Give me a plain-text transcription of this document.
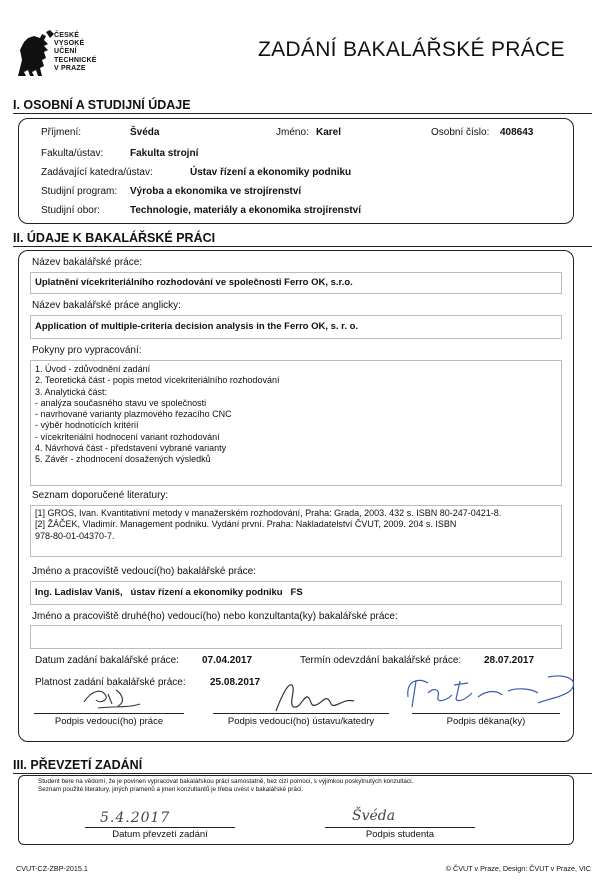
ČESKÉ
VYSOKÉ
UČENÍ
TECHNICKÉ
V PRAZE
ZADÁNÍ BAKALÁŘSKÉ PRÁCE
I. OSOBNÍ A STUDIJNÍ ÚDAJE
Příjmení:	Švéda	Jméno: Karel	Osobní číslo: 408643
Fakulta/ústav:	Fakulta strojní
Zadávající katedra/ústav:	Ústav řízení a ekonomiky podniku
Studijní program: Výroba a ekonomika ve strojírenství
Studijní obor:	Technologie, materiály a ekonomika strojírenství
II. ÚDAJE K BAKALÁŘSKÉ PRÁCI
Název bakalářské práce:
Uplatnění vícekriteriálního rozhodování ve společnosti Ferro OK, s.r.o.
Název bakalářské práce anglicky:
Application of multiple-criteria decision analysis in the Ferro OK, s. r. o.
Pokyny pro vypracování:
1. Úvod - zdůvodnění zadání
2. Teoretická část - popis metod vícekriteriálního rozhodování
3. Analytická část:
- analýza současného stavu ve společnosti
- navrhované varianty plazmového řezacího CNC
- výběr hodnotících kritérií
- vícekriteriální hodnocení variant rozhodování
4. Návrhová část - představení vybrané varianty
5. Závěr - zhodnocení dosažených výsledků
Seznam doporučené literatury:
[1] GROS, Ivan. Kvantitativní metody v manažerském rozhodování, Praha: Grada, 2003. 432 s. ISBN 80-247-0421-8.
[2] ŽÁČEK, Vladimír. Management podniku. Vydání první. Praha: Nakladatelství ČVUT, 2009. 204 s. ISBN
978-80-01-04370-7.
Jméno a pracoviště vedoucí(ho) bakalářské práce:
Ing. Ladislav Vaniš,   ústav řízení a ekonomiky podniku   FS
Jméno a pracoviště druhé(ho) vedoucí(ho) nebo konzultanta(ky) bakalářské práce:
Datum zadání bakalářské práce: 07.04.2017	Termín odevzdání bakalářské práce: 28.07.2017
Platnost zadání bakalářské práce: 25.08.2017
Podpis vedoucí(ho) práce	Podpis vedoucí(ho) ústavu/katedry	Podpis děkana(ky)
III. PŘEVZETÍ ZADÁNÍ
Student bere na vědomí, že je povinen vypracovat bakalářskou práci samostatně, bez cizí pomoci, s výjimkou poskytnutých konzultací.
Seznam použité literatury, jiných pramenů a jmen konzultantů je třeba uvést v bakalářské práci.
5.4.2017	Švéda
Datum převzetí zadání	Podpis studenta
CVUT-CZ-ZBP-2015.1	© ČVUT v Praze, Design: ČVUT v Praze, VIC
